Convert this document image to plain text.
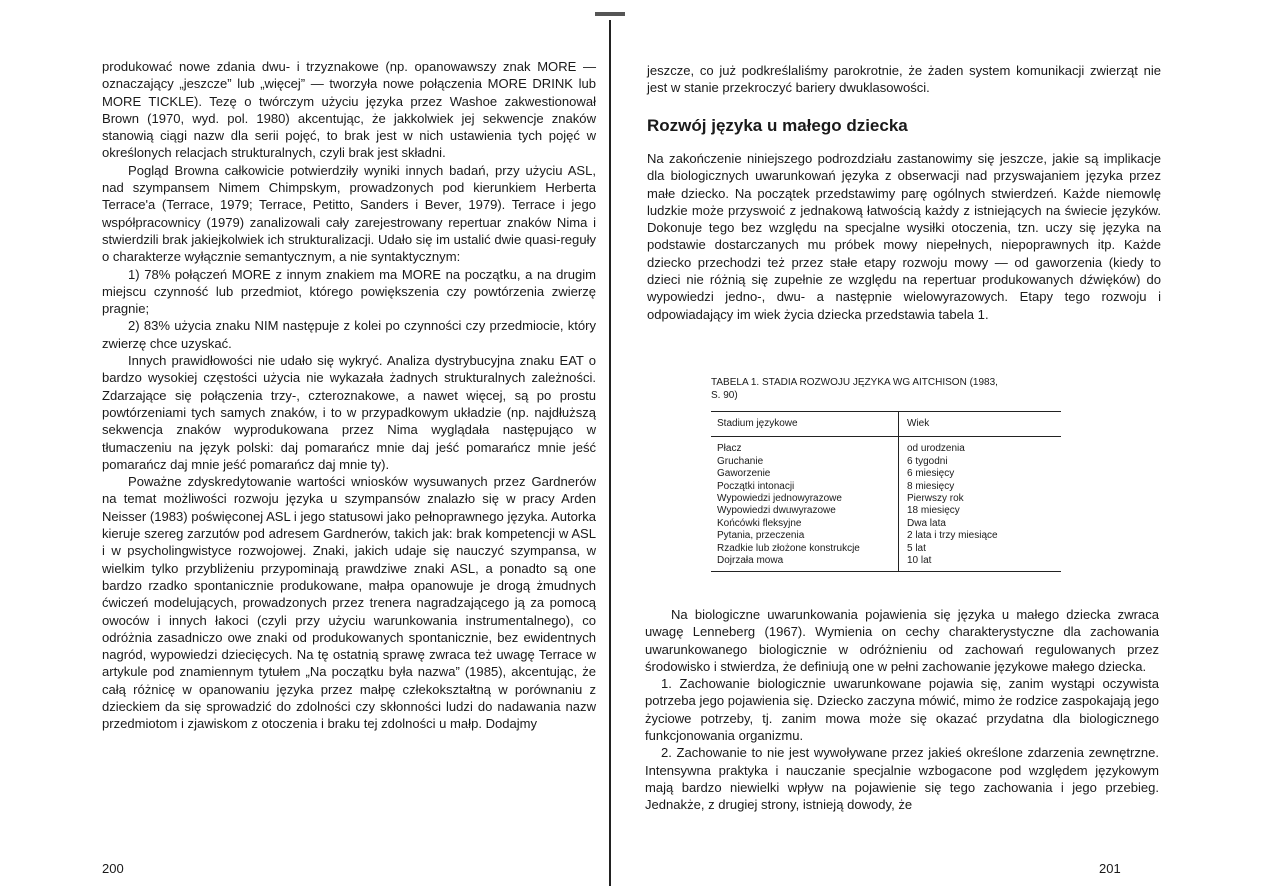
produkować nowe zdania dwu- i trzyznakowe (np. opanowawszy znak MORE — oznaczający „jeszcze” lub „więcej” — tworzyła nowe połączenia MORE DRINK lub MORE TICKLE). Tezę o twórczym użyciu języka przez Washoe zakwestionował Brown (1970, wyd. pol. 1980) akcentując, że jakkolwiek jej sekwencje znaków stanowią ciągi nazw dla serii pojęć, to brak jest w nich ustawienia tych pojęć w określonych relacjach strukturalnych, czyli brak jest składni.

Pogląd Browna całkowicie potwierdziły wyniki innych badań, przy użyciu ASL, nad szympansem Nimem Chimpskym, prowadzonych pod kierunkiem Herberta Terrace'a (Terrace, 1979; Terrace, Petitto, Sanders i Bever, 1979). Terrace i jego współpracownicy (1979) zanalizowali cały zarejestrowany repertuar znaków Nima i stwierdzili brak jakiejkolwiek ich strukturalizacji. Udało się im ustalić dwie quasi-reguły o charakterze wyłącznie semantycznym, a nie syntaktycznym:

1) 78% połączeń MORE z innym znakiem ma MORE na początku, a na drugim miejscu czynność lub przedmiot, którego powiększenia czy powtórzenia zwierzę pragnie;

2) 83% użycia znaku NIM następuje z kolei po czynności czy przedmiocie, który zwierzę chce uzyskać.

Innych prawidłowości nie udało się wykryć. Analiza dystrybucyjna znaku EAT o bardzo wysokiej częstości użycia nie wykazała żadnych strukturalnych zależności. Zdarzające się połączenia trzy-, czteroznakowe, a nawet więcej, są po prostu powtórzeniami tych samych znaków, i to w przypadkowym układzie (np. najdłuższą sekwencja znaków wyprodukowana przez Nima wyglądała następująco w tłumaczeniu na język polski: daj pomarańcz mnie daj jeść pomarańcz mnie jeść pomarańcz daj mnie jeść pomarańcz daj mnie ty).

Poważne zdyskredytowanie wartości wniosków wysuwanych przez Gardnerów na temat możliwości rozwoju języka u szympansów znalazło się w pracy Arden Neisser (1983) poświęconej ASL i jego statusowi jako pełnoprawnego języka. Autorka kieruje szereg zarzutów pod adresem Gardnerów, takich jak: brak kompetencji w ASL i w psycholingwistyce rozwojowej. Znaki, jakich udaje się nauczyć szympansa, w wielkim tylko przybliżeniu przypominają prawdziwe znaki ASL, a ponadto są one bardzo rzadko spontanicznie produkowane, małpa opanowuje je drogą żmudnych ćwiczeń modelujących, prowadzonych przez trenera nagradzającego ją za pomocą owoców i innych łakoci (czyli przy użyciu warunkowania instrumentalnego), co odróżnia zasadniczo owe znaki od produkowanych spontanicznie, bez ewidentnych nagród, wypowiedzi dziecięcych. Na tę ostatnią sprawę zwraca też uwagę Terrace w artykule pod znamiennym tytułem „Na początku była nazwa” (1985), akcentując, że całą różnicę w opanowaniu języka przez małpę człekokształtną w porównaniu z dzieckiem da się sprowadzić do zdolności czy skłonności ludzi do nadawania nazw przedmiotom i zjawiskom z otoczenia i braku tej zdolności u małp. Dodajmy

200

jeszcze, co już podkreślaliśmy parokrotnie, że żaden system komunikacji zwierząt nie jest w stanie przekroczyć bariery dwuklasowości.

Rozwój języka u małego dziecka

Na zakończenie niniejszego podrozdziału zastanowimy się jeszcze, jakie są implikacje dla biologicznych uwarunkowań języka z obserwacji nad przyswajaniem języka przez małe dziecko. Na początek przedstawimy parę ogólnych stwierdzeń. Każde niemowlę ludzkie może przyswoić z jednakową łatwością każdy z istniejących na świecie języków. Dokonuje tego bez względu na specjalne wysiłki otoczenia, tzn. uczy się języka na podstawie dostarczanych mu próbek mowy niepełnych, niepoprawnych itp. Każde dziecko przechodzi też przez stałe etapy rozwoju mowy — od gaworzenia (kiedy to dzieci nie różnią się zupełnie ze względu na repertuar produkowanych dźwięków) do wypowiedzi jedno-, dwu- a następnie wielowyrazowych. Etapy tego rozwoju i odpowiadający im wiek życia dziecka przedstawia tabela 1.

TABELA 1. STADIA ROZWOJU JĘZYKA WG AITCHISON (1983,
S. 90)
Stadium językowe	Wiek
Płacz
Gruchanie
Gaworzenie
Początki intonacji
Wypowiedzi jednowyrazowe
Wypowiedzi dwuwyrazowe
Końcówki fleksyjne
Pytania, przeczenia
Rzadkie lub złożone konstrukcje
Dojrzała mowa
od urodzenia
6 tygodni
6 miesięcy
8 miesięcy
Pierwszy rok
18 miesięcy
Dwa lata
2 lata i trzy miesiące
5 lat
10 lat

Na biologiczne uwarunkowania pojawienia się języka u małego dziecka zwraca uwagę Lenneberg (1967). Wymienia on cechy charakterystyczne dla zachowania uwarunkowanego biologicznie w odróżnieniu od zachowań regulowanych przez środowisko i stwierdza, że definiują one w pełni zachowanie językowe małego dziecka.

1. Zachowanie biologicznie uwarunkowane pojawia się, zanim wystąpi oczywista potrzeba jego pojawienia się. Dziecko zaczyna mówić, mimo że rodzice zaspokajają jego życiowe potrzeby, tj. zanim mowa może się okazać przydatna dla biologicznego funkcjonowania organizmu.

2. Zachowanie to nie jest wywoływane przez jakieś określone zdarzenia zewnętrzne. Intensywna praktyka i nauczanie specjalnie wzbogacone pod względem językowym mają bardzo niewielki wpływ na pojawienie się tego zachowania i jego przebieg. Jednakże, z drugiej strony, istnieją dowody, że

201
